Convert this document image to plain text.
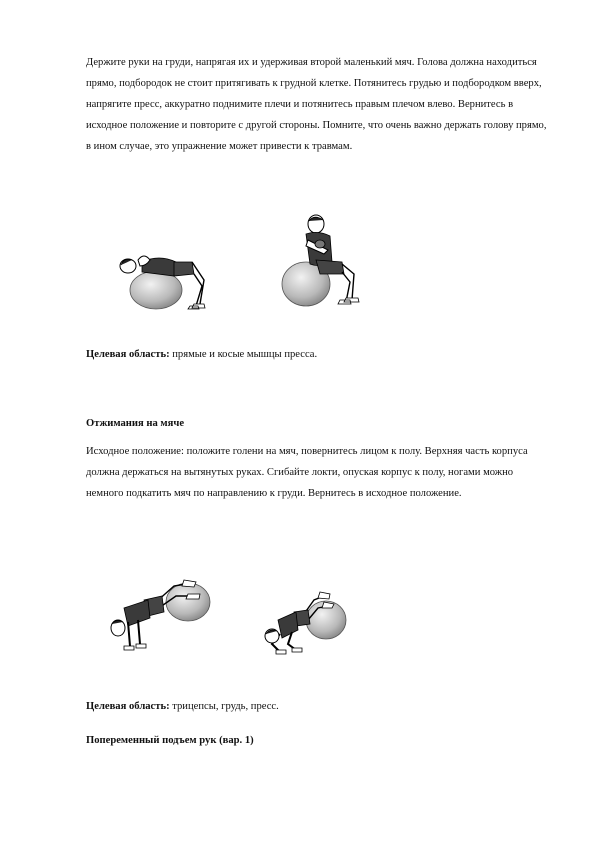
Держите руки на груди, напрягая их и удерживая второй маленький мяч. Голова должна находиться прямо, подбородок не стоит притягивать к грудной клетке. Потянитесь грудью и подбородком вверх, напрягите пресс, аккуратно поднимите плечи и потянитесь правым плечом влево. Вернитесь в исходное положение и повторите с другой стороны. Помните, что очень важно держать голову прямо, в ином случае, это упражнение может привести к травмам.

Целевая область: прямые и косые мышцы пресса.

Отжимания на мяче

Исходное положение: положите голени на мяч, повернитесь лицом к полу. Верхняя часть корпуса должна держаться на вытянутых руках. Сгибайте локти, опуская корпус к полу, ногами можно немного подкатить мяч по направлению к груди. Вернитесь в исходное положение.

Целевая область: трицепсы, грудь, пресс.

Попеременный подъем рук (вар. 1)
